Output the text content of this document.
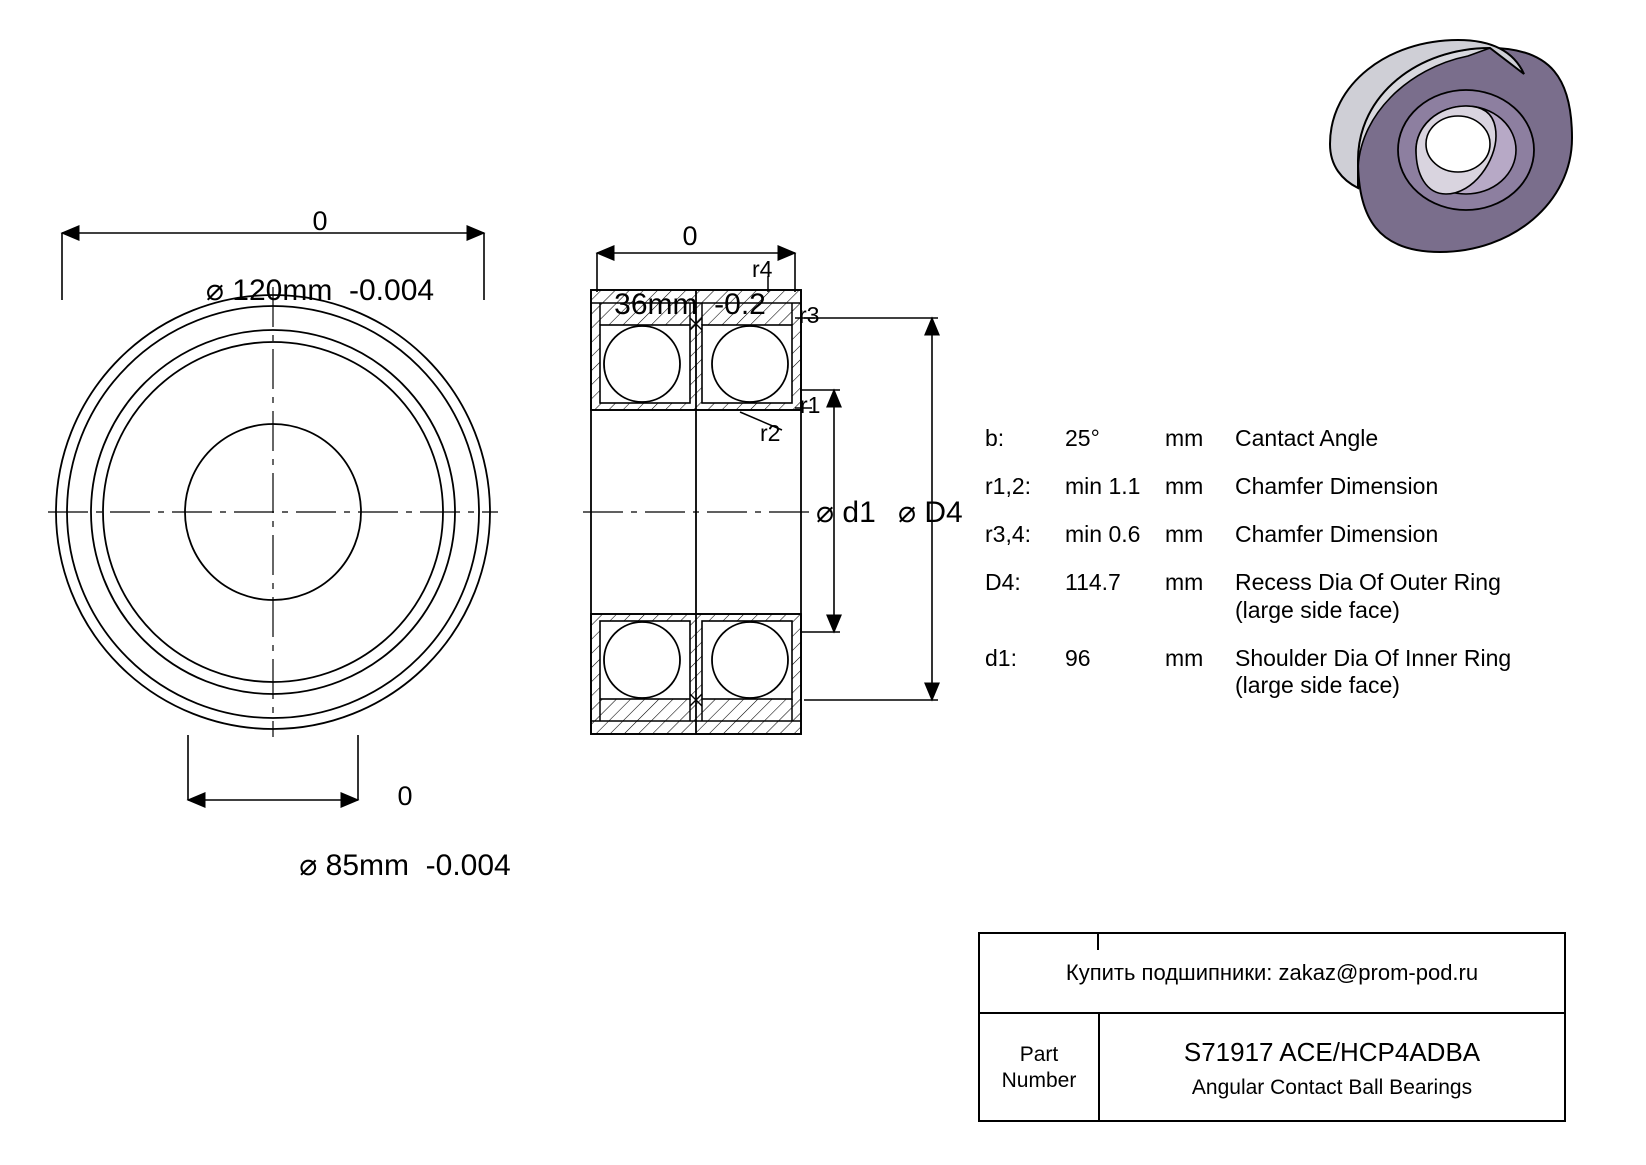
0

⌀ 120mm  -0.004

0

⌀ 85mm  -0.004

0

36mm  -0.2

r4
r3
r1
r2
⌀ d1 ⌀ D4
b:	25°	mm	Cantact Angle
r1,2:	min 1.1	mm	Chamfer Dimension
r3,4:	min 0.6	mm	Chamfer Dimension
D4:	114.7	mm	Recess Dia Of Outer Ring
(large side face)
d1:	96	mm	Shoulder Dia Of Inner Ring
(large side face)
Купить подшипники: zakaz@prom-pod.ru
Part
Number
S71917 ACE/HCP4ADBA
Angular Contact Ball Bearings
